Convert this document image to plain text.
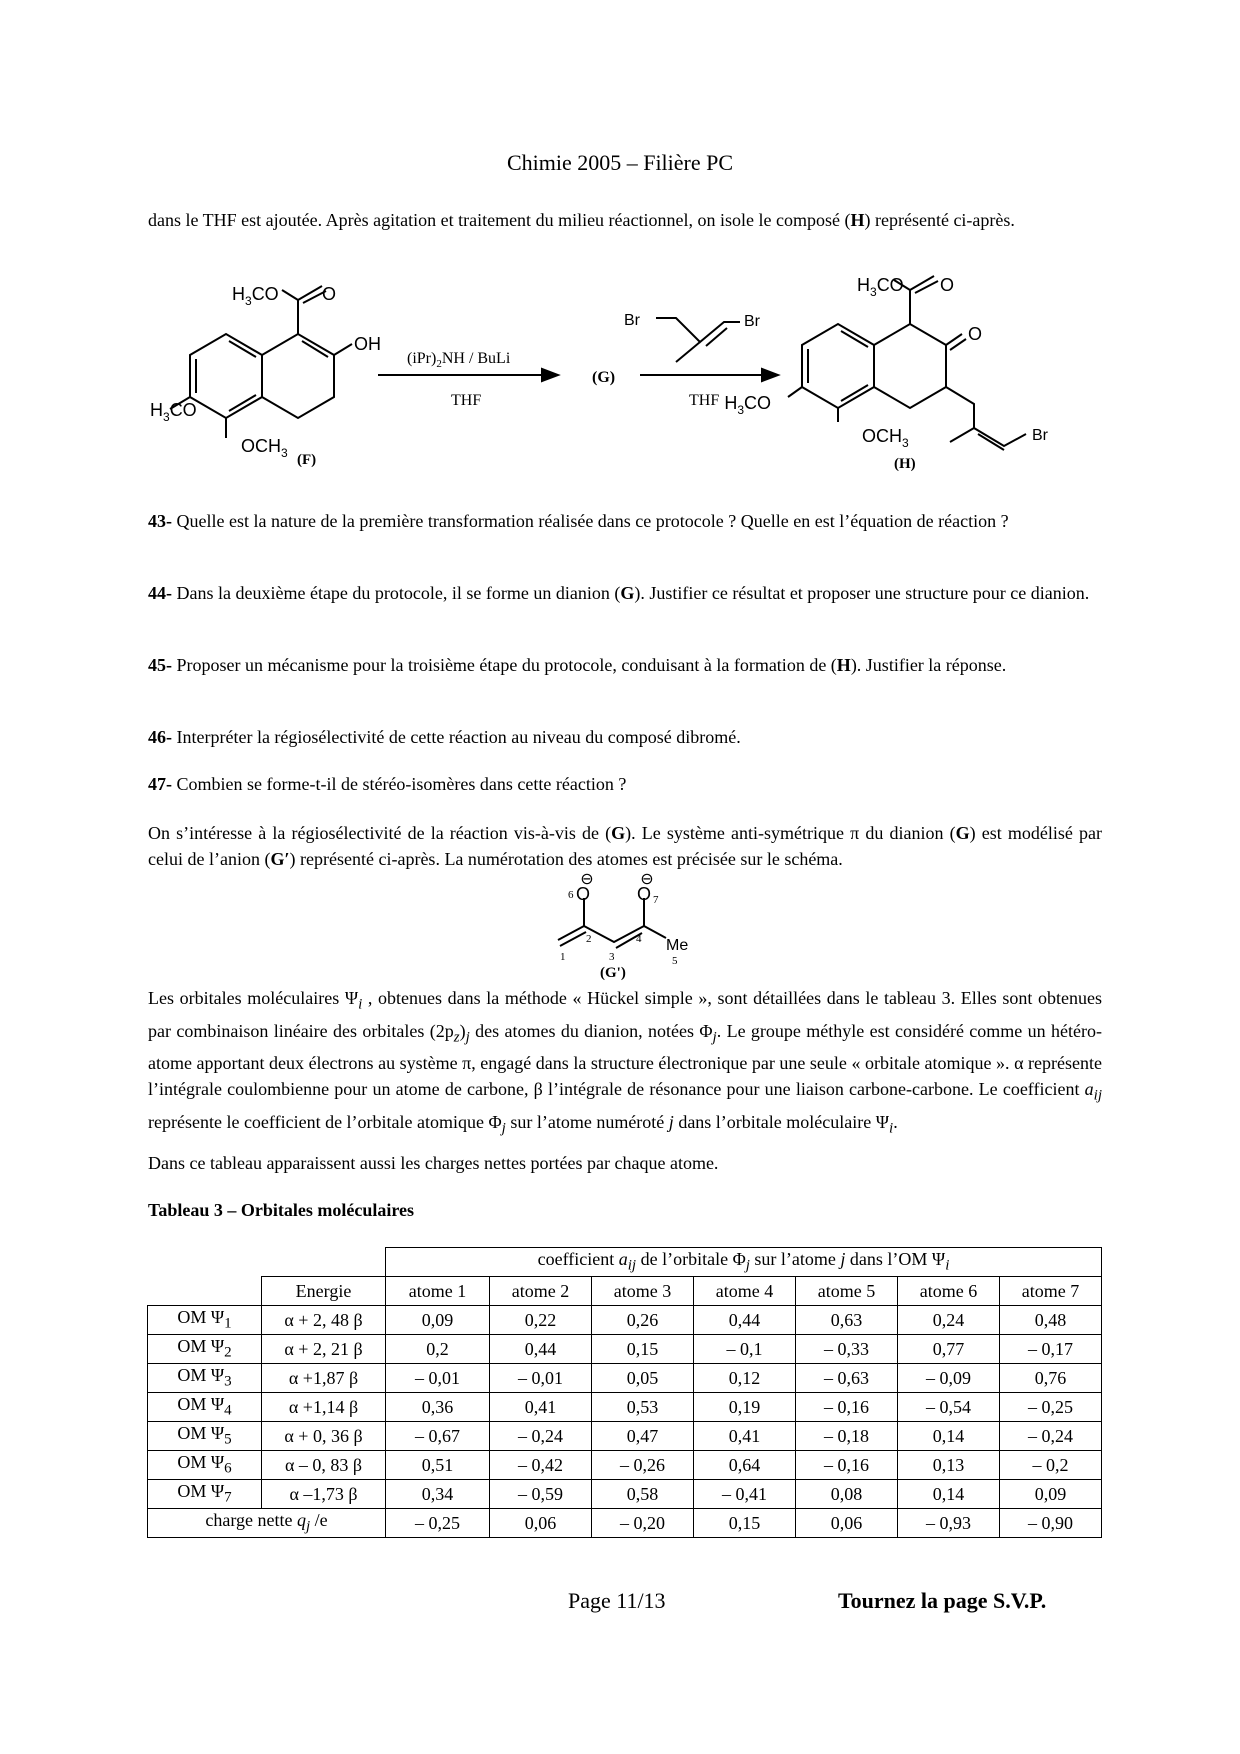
Chimie 2005 – Filière PC
dans le THF est ajoutée. Après agitation et traitement du milieu réactionnel, on isole le composé (H) représenté ci-après.
$H_3CO$ O
OH
$H_3CO$
$OCH_3$ (F)
$(iPr)_2NH$ / BuLi
THF
(G)
Br	Br
THF
$H_3CO$ O
O
$H_3CO$
$OCH_3$	Br
(H)
43- Quelle est la nature de la première transformation réalisée dans ce protocole ? Quelle en est l’équation de réaction ?
44- Dans la deuxième étape du protocole, il se forme un dianion (G). Justifier ce résultat et proposer une structure pour ce dianion.
45- Proposer un mécanisme pour la troisième étape du protocole, conduisant à la formation de (H). Justifier la réponse.
46- Interpréter la régiosélectivité de cette réaction au niveau du composé dibromé.
47- Combien se forme-t-il de stéréo-isomères dans cette réaction ?
On s’intéresse à la régiosélectivité de la réaction vis-à-vis de (G). Le système anti-symétrique π du dianion (G) est modélisé par celui de l’anion (G′) représenté ci-après. La numérotation des atomes est précisée sur le schéma.
⊖	⊖
6 O	O 7
1
2
3
4 Me
5
(G')
Les orbitales moléculaires $\Psi_i$ , obtenues dans la méthode « Hückel simple », sont détaillées dans le tableau 3. Elles sont obtenues par combinaison linéaire des orbitales $(2p_z)_j$ des atomes du dianion, notées $\Phi_j$. Le groupe méthyle est considéré comme un hétéro-atome apportant deux électrons au système π, engagé dans la structure électronique par une seule « orbitale atomique ». α représente l’intégrale coulombienne pour un atome de carbone, β l’intégrale de résonance pour une liaison carbone-carbone. Le coefficient $a_{ij}$ représente le coefficient de l’orbitale atomique $\Phi_j$ sur l’atome numéroté j dans l’orbitale moléculaire $\Psi_i$.
Dans ce tableau apparaissent aussi les charges nettes portées par chaque atome.
Tableau 3 – Orbitales moléculaires
		coefficient $a_{ij}$ de l’orbitale $\Phi_j$ sur l’atome j dans l’OM $\Psi_i$
	Energie	atome 1	atome 2	atome 3	atome 4	atome 5	atome 6	atome 7
OM $\Psi_1$	α + 2, 48 β	0,09	0,22	0,26	0,44	0,63	0,24	0,48
OM $\Psi_2$	α + 2, 21 β	0,2	0,44	0,15	– 0,1	– 0,33	0,77	– 0,17
OM $\Psi_3$	α +1,87 β	– 0,01	– 0,01	0,05	0,12	– 0,63	– 0,09	0,76
OM $\Psi_4$	α +1,14 β	0,36	0,41	0,53	0,19	– 0,16	– 0,54	– 0,25
OM $\Psi_5$	α + 0, 36 β	– 0,67	– 0,24	0,47	0,41	– 0,18	0,14	– 0,24
OM $\Psi_6$	α – 0, 83 β	0,51	– 0,42	– 0,26	0,64	– 0,16	0,13	– 0,2
OM $\Psi_7$	α –1,73 β	0,34	– 0,59	0,58	– 0,41	0,08	0,14	0,09
charge nette $q_j$ /e		– 0,25	0,06	– 0,20	0,15	0,06	– 0,93	– 0,90
Page 11/13	Tournez la page S.V.P.
